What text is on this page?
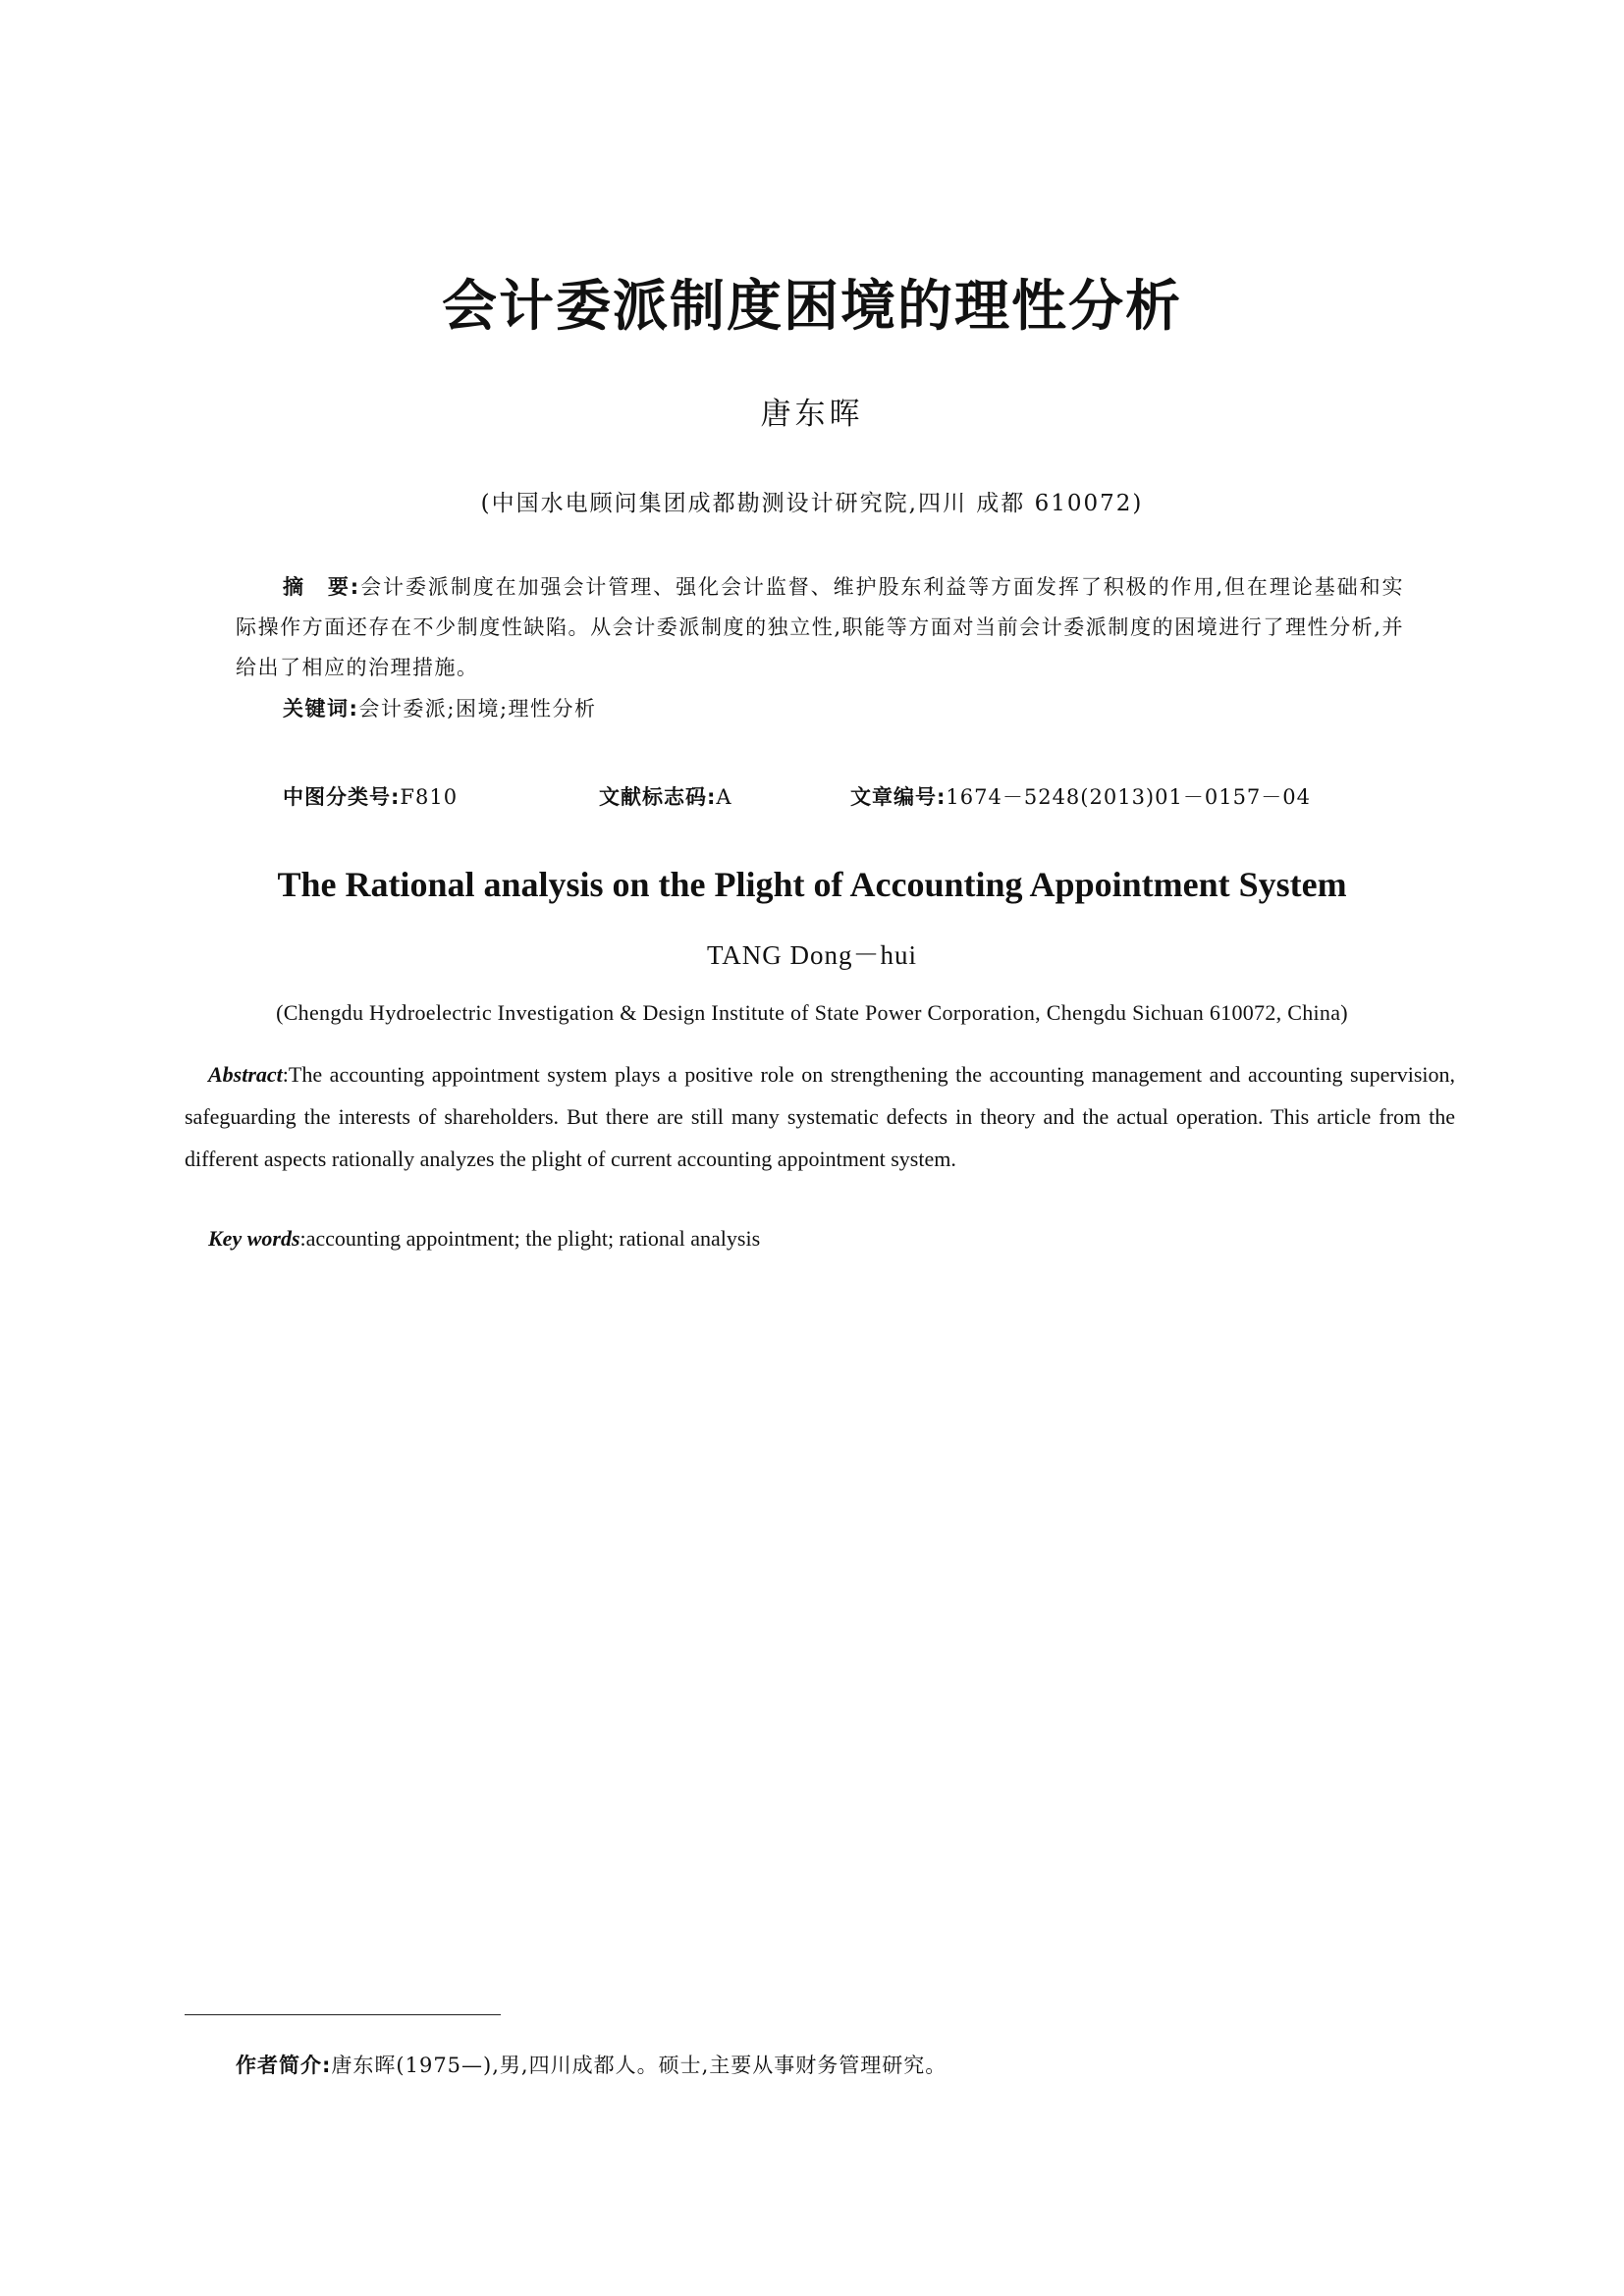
会计委派制度困境的理性分析
唐东晖
(中国水电顾问集团成都勘测设计研究院,四川 成都 610072)
摘　要:会计委派制度在加强会计管理、强化会计监督、维护股东利益等方面发挥了积极的作用,但在理论基础和实际操作方面还存在不少制度性缺陷。从会计委派制度的独立性,职能等方面对当前会计委派制度的困境进行了理性分析,并给出了相应的治理措施。
关键词:会计委派;困境;理性分析
中图分类号:F810	文献标志码:A	文章编号:1674－5248(2013)01－0157－04
The Rational analysis on the Plight of Accounting Appointment System
TANG Dong－hui
(Chengdu Hydroelectric Investigation & Design Institute of State Power Corporation, Chengdu Sichuan 610072, China)
Abstract:The accounting appointment system plays a positive role on strengthening the accounting management and accounting supervision, safeguarding the interests of shareholders. But there are still many systematic defects in theory and the actual operation. This article from the different aspects rationally analyzes the plight of current accounting appointment system.
Key words:accounting appointment; the plight; rational analysis
作者简介:唐东晖(1975—),男,四川成都人。硕士,主要从事财务管理研究。
